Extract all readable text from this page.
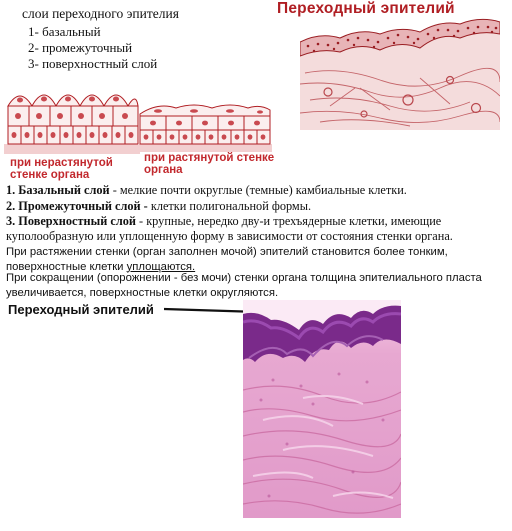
слои переходного эпителия
1- базальный
2- промежуточный
3- поверхностный слой
Переходный эпителий
при нерастянутой
стенке органа
при растянутой стенке
органа
1. Базальный слой - мелкие почти округлые (темные) камбиальные клетки.
2. Промежуточный слой - клетки полигональной формы.
3. Поверхностный слой - крупные, нередко дву-и трехъядерные клетки, имеющие куполообразную или уплощенную форму в зависимости от состояния стенки органа.
При растяжении стенки (орган заполнен мочой) эпителий становится более тонким,
поверхностные клетки уплощаются.
При сокращении (опорожнении - без мочи) стенки органа толщина эпителиального пласта увеличивается, поверхностные клетки округляются.
Переходный эпителий
